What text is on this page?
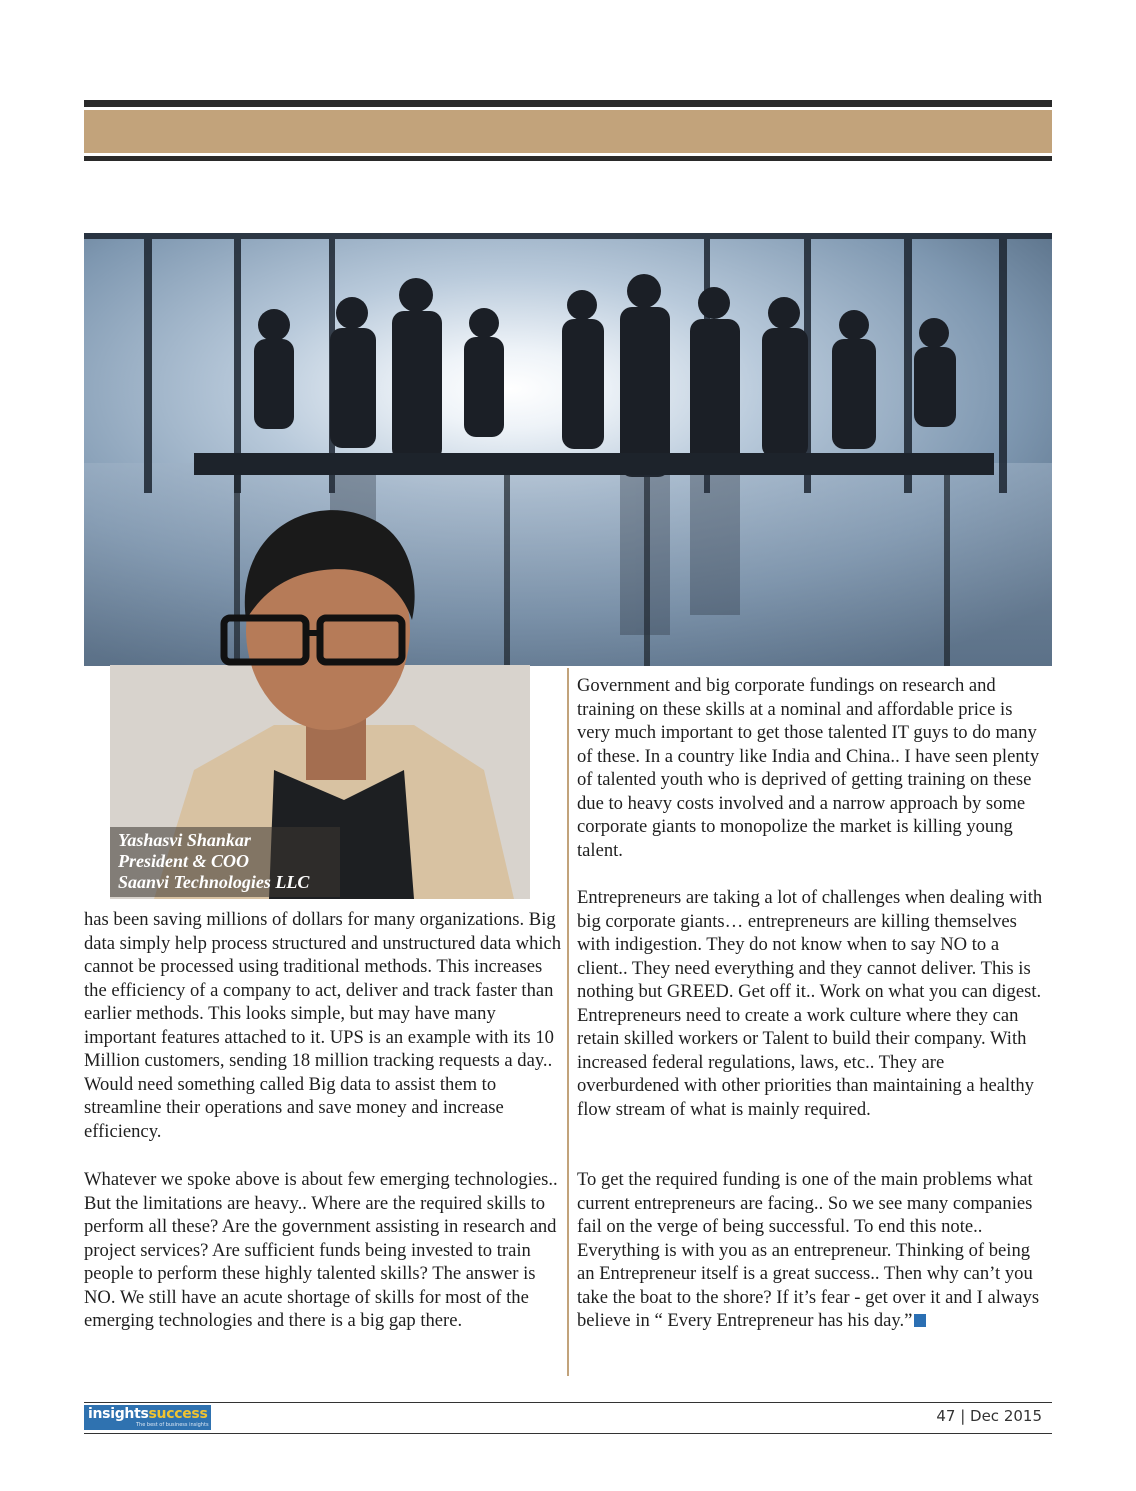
Yashasvi Shankar
President & COO
Saanvi Technologies LLC

has been saving millions of dollars for many organizations. Big data simply help process structured and unstructured data which cannot be processed using traditional methods. This increases the efficiency of a company to act, deliver and track faster than earlier methods. This looks simple, but may have many important features attached to it. UPS is an example with its 10 Million customers, sending 18 million tracking requests a day.. Would need something called Big data to assist them to streamline their operations and save money and increase efficiency.

Whatever we spoke above is about few emerging technologies.. But the limitations are heavy.. Where are the required skills to perform all these? Are the government assisting in research and project services? Are sufficient funds being invested to train people to perform these highly talented skills? The answer is NO. We still have an acute shortage of skills for most of the emerging technologies and there is a big gap there.

Government and big corporate fundings on research and training on these skills at a nominal and affordable price is very much important to get those talented IT guys to do many of these. In a country like India and China.. I have seen plenty of talented youth who is deprived of getting training on these due to heavy costs involved and a narrow approach by some corporate giants to monopolize the market is killing young talent.

Entrepreneurs are taking a lot of challenges when dealing with big corporate giants… entrepreneurs are killing themselves with indigestion. They do not know when to say NO to a client.. They need everything and they cannot deliver. This is nothing but GREED. Get off it.. Work on what you can digest. Entrepreneurs need to create a work culture where they can retain skilled workers or Talent to build their company. With increased federal regulations, laws, etc.. They are overburdened with other priorities than maintaining a healthy flow stream of what is mainly required.

To get the required funding is one of the main problems what current entrepreneurs are facing.. So we see many companies fail on the verge of being successful. To end this note.. Everything is with you as an entrepreneur. Thinking of being an Entrepreneur itself is a great success.. Then why can’t you take the boat to the shore? If it’s fear - get over it and I always believe in “ Every Entrepreneur has his day.”

insightssuccess
The best of business insights	47 | Dec 2015
